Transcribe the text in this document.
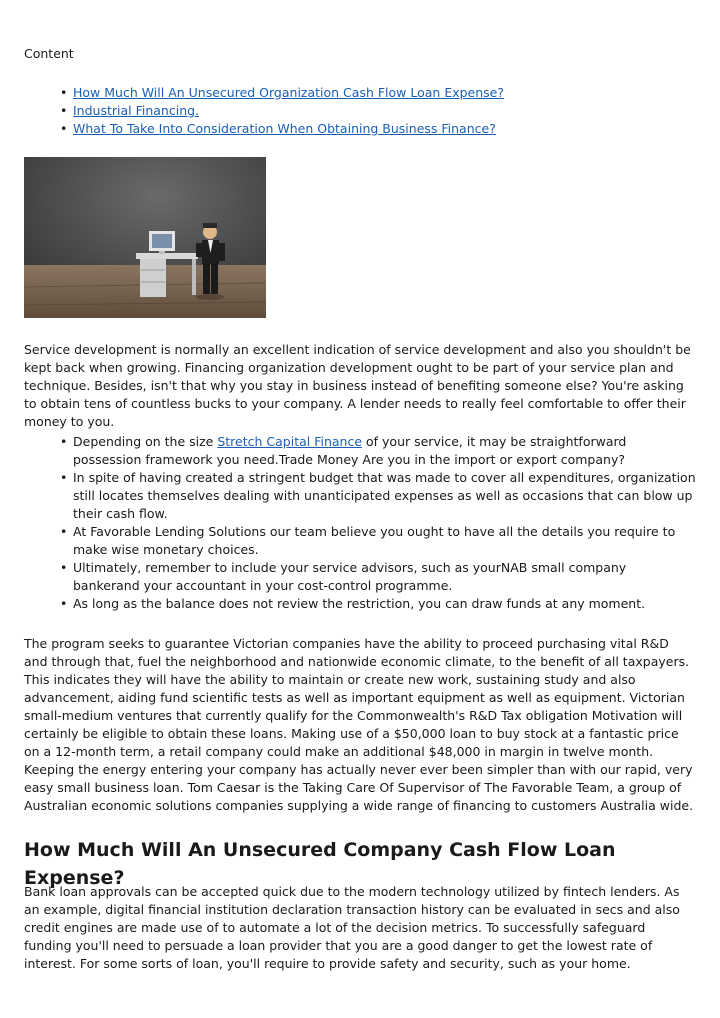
Content
• How Much Will An Unsecured Organization Cash Flow Loan Expense?
• Industrial Financing.
• What To Take Into Consideration When Obtaining Business Finance?

Service development is normally an excellent indication of service development and also you shouldn't be kept back when growing. Financing organization development ought to be part of your service plan and technique. Besides, isn't that why you stay in business instead of benefiting someone else? You're asking to obtain tens of countless bucks to your company. A lender needs to really feel comfortable to offer their money to you.

• Depending on the size Stretch Capital Finance of your service, it may be straightforward possession framework you need.Trade Money Are you in the import or export company?
• In spite of having created a stringent budget that was made to cover all expenditures, organization still locates themselves dealing with unanticipated expenses as well as occasions that can blow up their cash flow.
• At Favorable Lending Solutions our team believe you ought to have all the details you require to make wise monetary choices.
• Ultimately, remember to include your service advisors, such as yourNAB small company bankerand your accountant in your cost-control programme.
• As long as the balance does not review the restriction, you can draw funds at any moment.

The program seeks to guarantee Victorian companies have the ability to proceed purchasing vital R&D and through that, fuel the neighborhood and nationwide economic climate, to the benefit of all taxpayers. This indicates they will have the ability to maintain or create new work, sustaining study and also advancement, aiding fund scientific tests as well as important equipment as well as equipment. Victorian small-medium ventures that currently qualify for the Commonwealth's R&D Tax obligation Motivation will certainly be eligible to obtain these loans. Making use of a $50,000 loan to buy stock at a fantastic price on a 12-month term, a retail company could make an additional $48,000 in margin in twelve month. Keeping the energy entering your company has actually never ever been simpler than with our rapid, very easy small business loan. Tom Caesar is the Taking Care Of Supervisor of The Favorable Team, a group of Australian economic solutions companies supplying a wide range of financing to customers Australia wide.

How Much Will An Unsecured Company Cash Flow Loan Expense?

Bank loan approvals can be accepted quick due to the modern technology utilized by fintech lenders. As an example, digital financial institution declaration transaction history can be evaluated in secs and also credit engines are made use of to automate a lot of the decision metrics. To successfully safeguard funding you'll need to persuade a loan provider that you are a good danger to get the lowest rate of interest. For some sorts of loan, you'll require to provide safety and security, such as your home.
